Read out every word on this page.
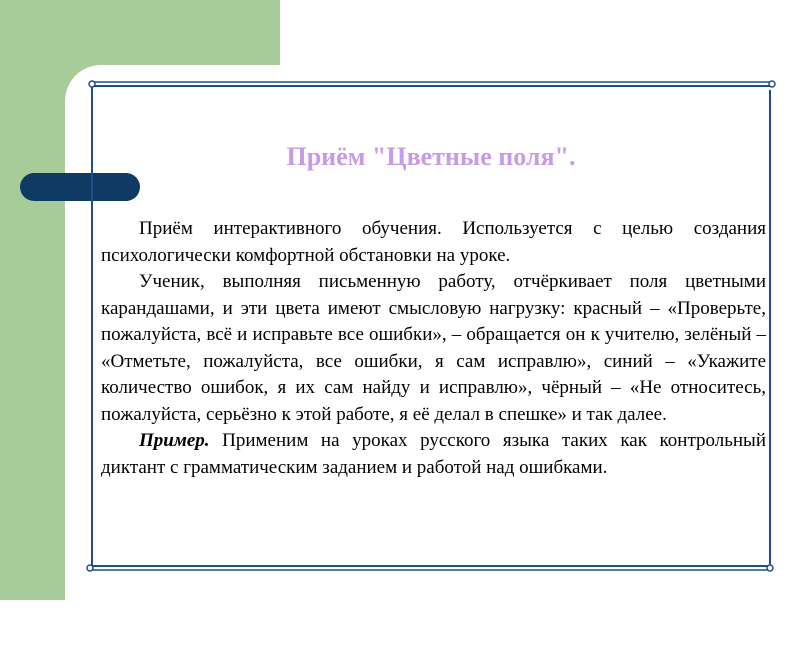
Приём "Цветные поля".

Приём интерактивного обучения. Используется с целью создания психологически комфортной обстановки на уроке.

Ученик, выполняя письменную работу, отчёркивает поля цветными карандашами, и эти цвета имеют смысловую нагрузку: красный – «Проверьте, пожалуйста, всё и исправьте все ошибки», – обращается он к учителю, зелёный – «Отметьте, пожалуйста, все ошибки, я сам исправлю», синий – «Укажите количество ошибок, я их сам найду и исправлю», чёрный – «Не относитесь, пожалуйста, серьёзно к этой работе, я её делал в спешке» и так далее.

Пример. Применим на уроках русского языка таких как контрольный диктант с грамматическим заданием и работой над ошибками.
